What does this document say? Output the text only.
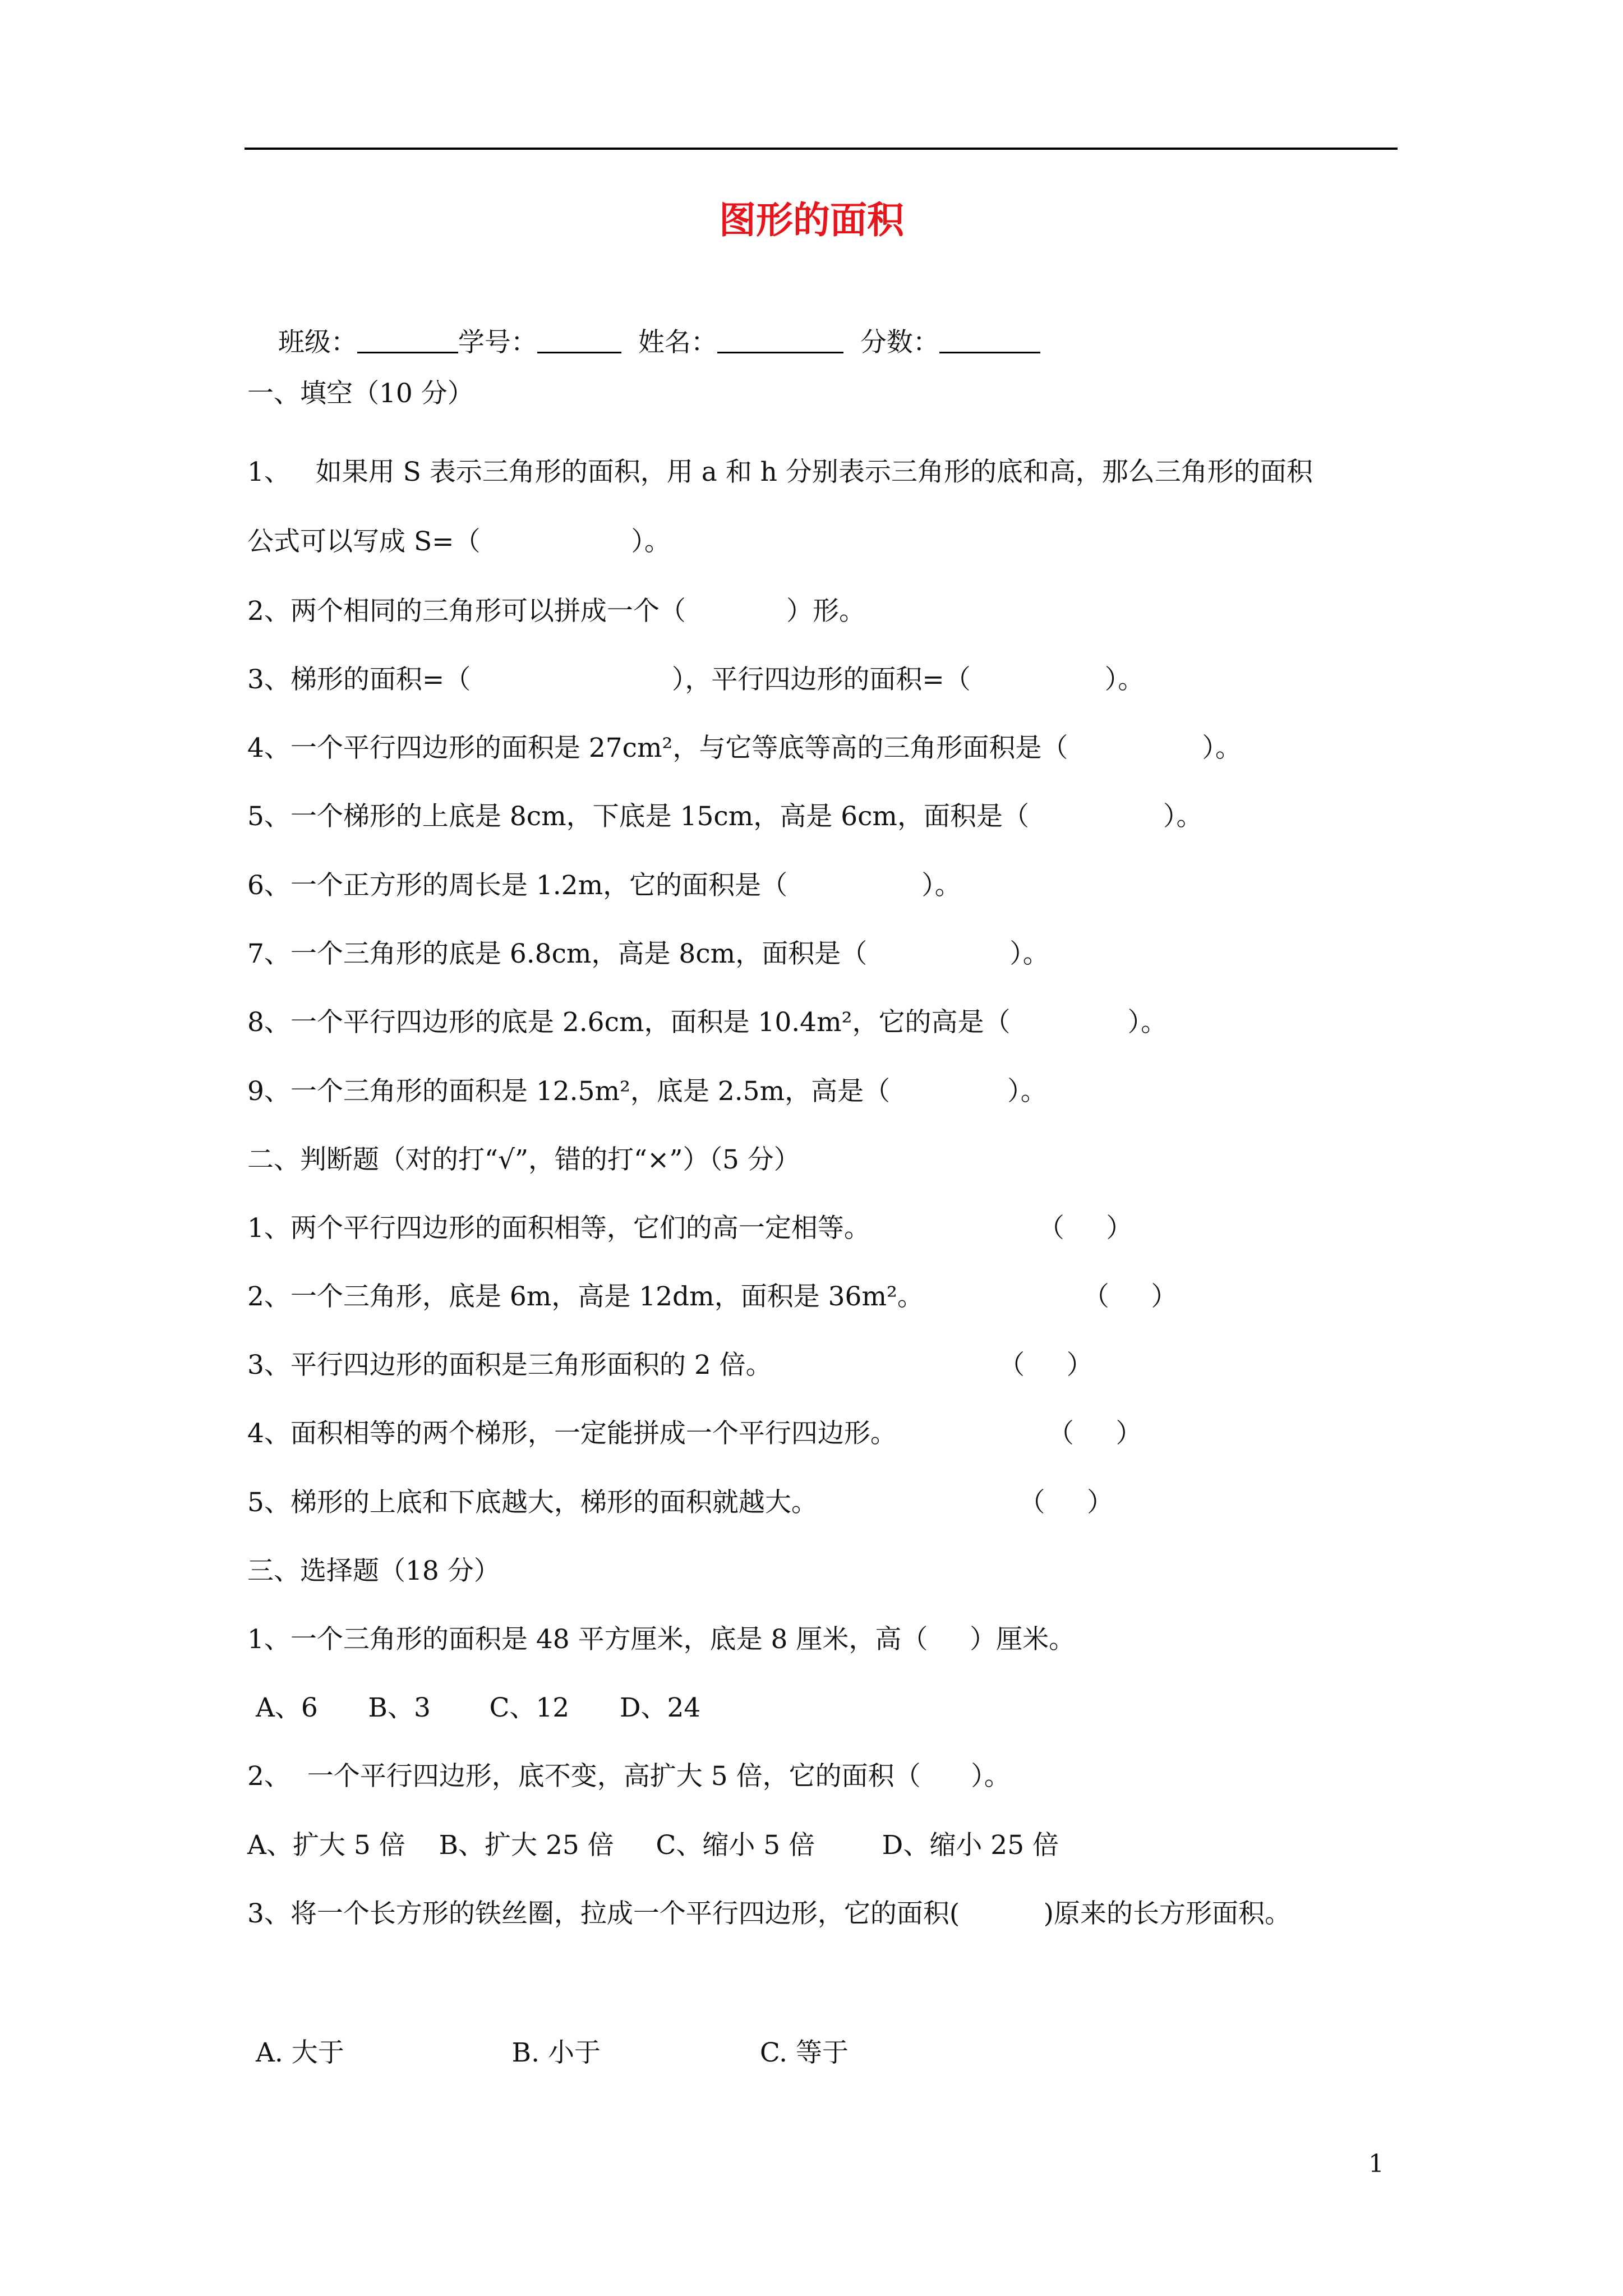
图形的面积

班级：	学号：	姓名：	分数：

一、填空（10 分）
1、   如果用 S 表示三角形的面积，用 a 和 h 分别表示三角形的底和高，那么三角形的面积
公式可以写成 S=（                  ）。
2、两个相同的三角形可以拼成一个（            ）形。
3、梯形的面积=（                        ），平行四边形的面积=（                ）。
4、一个平行四边形的面积是 27cm²，与它等底等高的三角形面积是（                ）。
5、一个梯形的上底是 8cm，下底是 15cm，高是 6cm，面积是（                ）。
6、一个正方形的周长是 1.2m，它的面积是（                ）。
7、一个三角形的底是 6.8cm，高是 8cm，面积是（                 ）。
8、一个平行四边形的底是 2.6cm，面积是 10.4m²，它的高是（              ）。
9、一个三角形的面积是 12.5m²，底是 2.5m，高是（              ）。
二、判断题（对的打“√”，错的打“×”）（5 分）
1、两个平行四边形的面积相等，它们的高一定相等。                    （     ）
2、一个三角形，底是 6m，高是 12dm，面积是 36m²。                   （     ）
3、平行四边形的面积是三角形面积的 2 倍。                           （     ）
4、面积相等的两个梯形，一定能拼成一个平行四边形。                  （     ）
5、梯形的上底和下底越大，梯形的面积就越大。                        （     ）
三、选择题（18 分）
1、一个三角形的面积是 48 平方厘米，底是 8 厘米，高（     ）厘米。
A、6      B、3       C、12      D、24
2、  一个平行四边形，底不变，高扩大 5 倍，它的面积（      ）。
A、扩大 5 倍    B、扩大 25 倍     C、缩小 5 倍        D、缩小 25 倍
3、将一个长方形的铁丝圈，拉成一个平行四边形，它的面积(          )原来的长方形面积。
A. 大于                    B. 小于                   C. 等于
1
